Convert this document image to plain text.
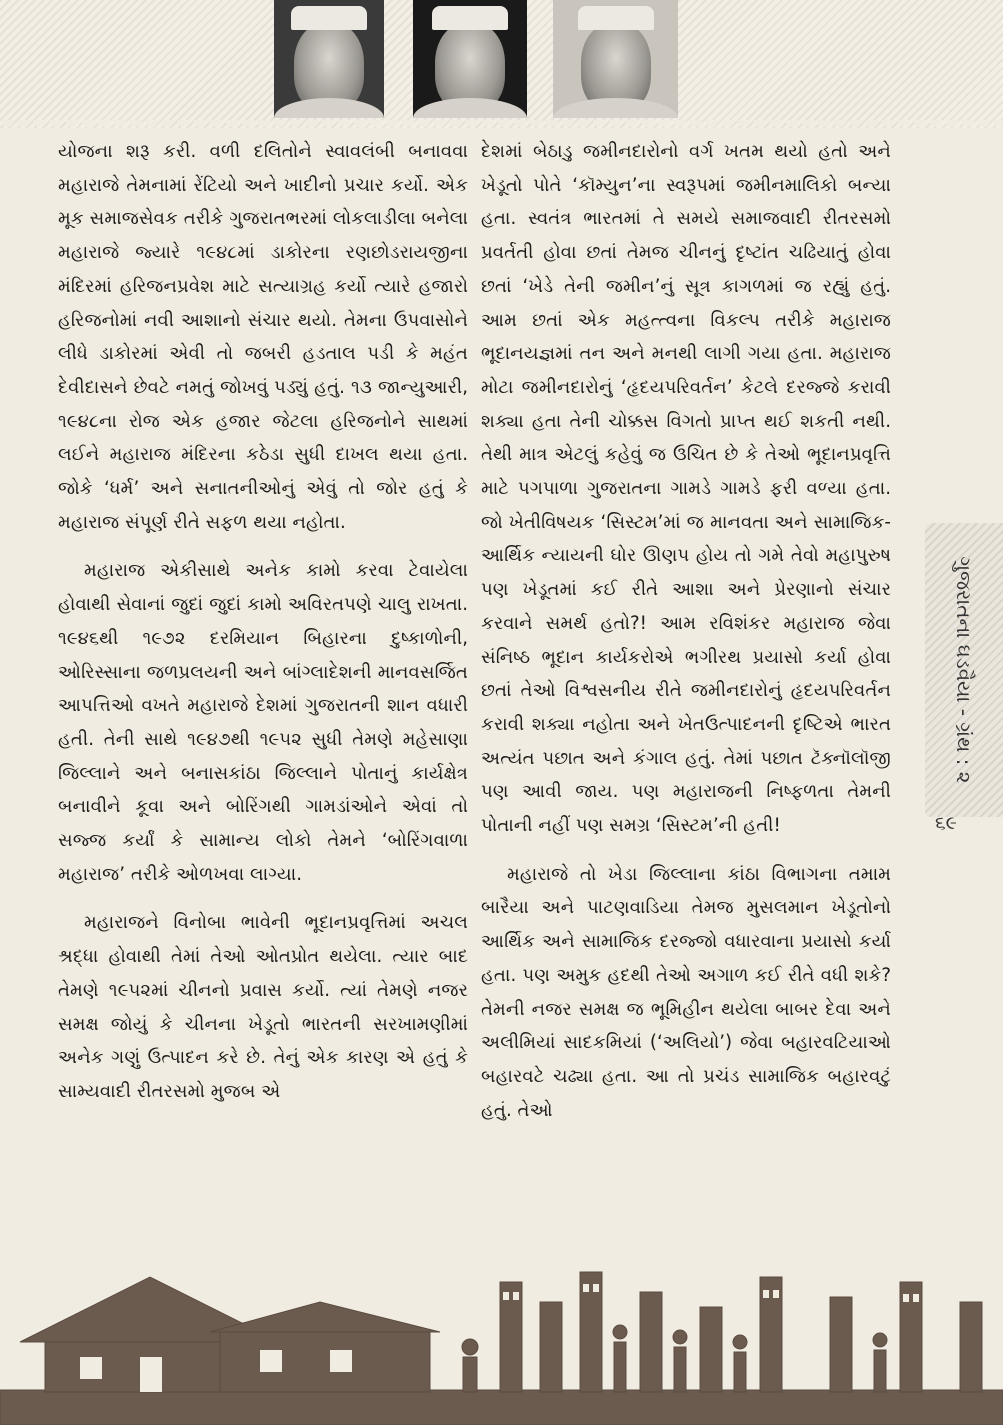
યોજના શરૂ કરી. વળી દલિતોને સ્વાવલંબી બનાવવા મહારાજે તેમનામાં રેંટિયો અને ખાદીનો પ્રચાર કર્યો. એક મૂક સમાજસેવક તરીકે ગુજરાતભરમાં લોકલાડીલા બનેલા મહારાજે જ્યારે ૧૯૪૮માં ડાકોરના રણછોડરાયજીના મંદિરમાં હરિજનપ્રવેશ માટે સત્યાગ્રહ કર્યો ત્યારે હજારો હરિજનોમાં નવી આશાનો સંચાર થયો. તેમના ઉપવાસોને લીધે ડાકોરમાં એવી તો જબરી હડતાલ પડી કે મહંત દેવીદાસને છેવટે નમતું જોખવું પડ્યું હતું. ૧૩ જાન્યુઆરી, ૧૯૪૮ના રોજ એક હજાર જેટલા હરિજનોને સાથમાં લઈને મહારાજ મંદિરના કઠેડા સુધી દાખલ થયા હતા. જોકે ‘ધર્મ’ અને સનાતનીઓનું એવું તો જોર હતું કે મહારાજ સંપૂર્ણ રીતે સફળ થયા નહોતા.

મહારાજ એકીસાથે અનેક કામો કરવા ટેવાયેલા હોવાથી સેવાનાં જુદાં જુદાં કામો અવિરતપણે ચાલુ રાખતા. ૧૯૪૬થી ૧૯૭૨ દરમિયાન બિહારના દુષ્કાળોની, ઓરિસ્સાના જળપ્રલયની અને બાંગ્લાદેશની માનવસર્જિત આપત્તિઓ વખતે મહારાજે દેશમાં ગુજરાતની શાન વધારી હતી. તેની સાથે ૧૯૪૭થી ૧૯૫૨ સુધી તેમણે મહેસાણા જિલ્લાને અને બનાસકાંઠા જિલ્લાને પોતાનું કાર્યક્ષેત્ર બનાવીને કૂવા અને બોરિંગથી ગામડાંઓને એવાં તો સજ્જ કર્યાં કે સામાન્ય લોકો તેમને ‘બોરિંગવાળા મહારાજ’ તરીકે ઓળખવા લાગ્યા.

મહારાજને વિનોબા ભાવેની ભૂદાનપ્રવૃત્તિમાં અચલ શ્રદ્ધા હોવાથી તેમાં તેઓ ઓતપ્રોત થયેલા. ત્યાર બાદ તેમણે ૧૯૫૨માં ચીનનો પ્રવાસ કર્યો. ત્યાં તેમણે નજર સમક્ષ જોયું કે ચીનના ખેડૂતો ભારતની સરખામણીમાં અનેક ગણું ઉત્પાદન કરે છે. તેનું એક કારણ એ હતું કે સામ્યવાદી રીતરસમો મુજબ એ

દેશમાં બેઠાડુ જમીનદારોનો વર્ગ ખતમ થયો હતો અને ખેડૂતો પોતે ‘કૉમ્યુન’ના સ્વરૂપમાં જમીનમાલિકો બન્યા હતા. સ્વતંત્ર ભારતમાં તે સમયે સમાજવાદી રીતરસમો પ્રવર્તતી હોવા છતાં તેમજ ચીનનું દૃષ્ટાંત ચઢિયાતું હોવા છતાં ‘ખેડે તેની જમીન’નું સૂત્ર કાગળમાં જ રહ્યું હતું. આમ છતાં એક મહત્ત્વના વિકલ્પ તરીકે મહારાજ ભૂદાનયજ્ઞમાં તન અને મનથી લાગી ગયા હતા. મહારાજ મોટા જમીનદારોનું ‘હૃદયપરિવર્તન’ કેટલે દરજ્જે કરાવી શક્યા હતા તેની ચોક્કસ વિગતો પ્રાપ્ત થઈ શકતી નથી. તેથી માત્ર એટલું કહેવું જ ઉચિત છે કે તેઓ ભૂદાનપ્રવૃત્તિ માટે પગપાળા ગુજરાતના ગામડે ગામડે ફરી વળ્યા હતા. જો ખેતીવિષયક ‘સિસ્ટમ’માં જ માનવતા અને સામાજિક-આર્થિક ન્યાયની ઘોર ઊણપ હોય તો ગમે તેવો મહાપુરુષ પણ ખેડૂતમાં કઈ રીતે આશા અને પ્રેરણાનો સંચાર કરવાને સમર્થ હતો?! આમ રવિશંકર મહારાજ જેવા સંનિષ્ઠ ભૂદાન કાર્યકરોએ ભગીરથ પ્રયાસો કર્યા હોવા છતાં તેઓ વિશ્વસનીય રીતે જમીનદારોનું હૃદયપરિવર્તન કરાવી શક્યા નહોતા અને ખેતઉત્પાદનની દૃષ્ટિએ ભારત અત્યંત પછાત અને કંગાલ હતું. તેમાં પછાત ટૅક્નૉલૉજી પણ આવી જાય. પણ મહારાજની નિષ્ફળતા તેમની પોતાની નહીં પણ સમગ્ર ‘સિસ્ટમ’ની હતી!

મહારાજે તો ખેડા જિલ્લાના કાંઠા વિભાગના તમામ બારૈયા અને પાટણવાડિયા તેમજ મુસલમાન ખેડૂતોનો આર્થિક અને સામાજિક દરજ્જો વધારવાના પ્રયાસો કર્યા હતા. પણ અમુક હદથી તેઓ અગાળ કઈ રીતે વધી શકે? તેમની નજર સમક્ષ જ ભૂમિહીન થયેલા બાબર દેવા અને અલીમિયાં સાદકમિયાં (‘અલિયો’) જેવા બહારવટિયાઓ બહારવટે ચઢ્યા હતા. આ તો પ્રચંડ સામાજિક બહારવટું હતું. તેઓ

ગુજરાતના ઘડવૈયા - ગ્રંથ : ૨
૬૯
